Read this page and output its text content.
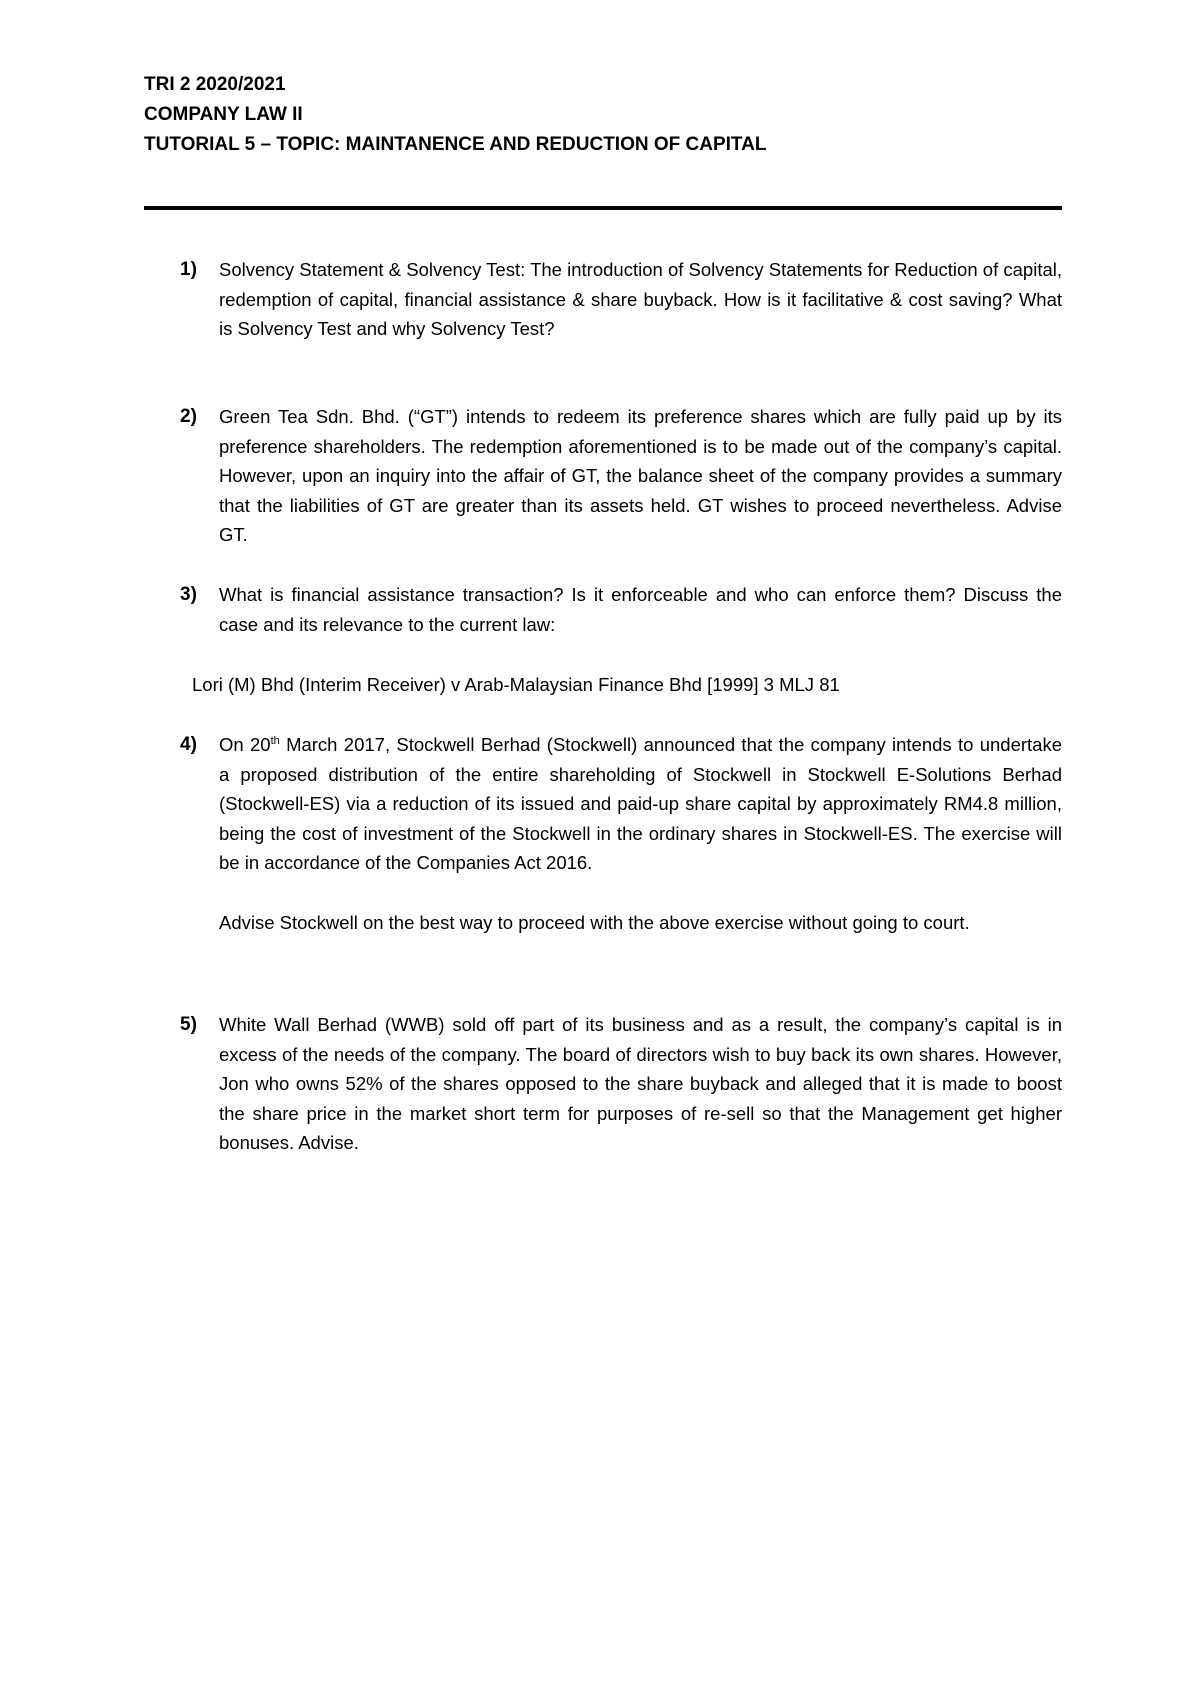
TRI 2 2020/2021
COMPANY LAW II
TUTORIAL 5 – TOPIC: MAINTANENCE AND REDUCTION OF CAPITAL
1) Solvency Statement & Solvency Test: The introduction of Solvency Statements for Reduction of capital, redemption of capital, financial assistance & share buyback. How is it facilitative & cost saving? What is Solvency Test and why Solvency Test?

2) Green Tea Sdn. Bhd. (“GT”) intends to redeem its preference shares which are fully paid up by its preference shareholders. The redemption aforementioned is to be made out of the company’s capital. However, upon an inquiry into the affair of GT, the balance sheet of the company provides a summary that the liabilities of GT are greater than its assets held. GT wishes to proceed nevertheless. Advise GT.

3) What is financial assistance transaction? Is it enforceable and who can enforce them? Discuss the case and its relevance to the current law:

Lori (M) Bhd (Interim Receiver) v Arab-Malaysian Finance Bhd [1999] 3 MLJ 81
4) On 20th March 2017, Stockwell Berhad (Stockwell) announced that the company intends to undertake a proposed distribution of the entire shareholding of Stockwell in Stockwell E-Solutions Berhad (Stockwell-ES) via a reduction of its issued and paid-up share capital by approximately RM4.8 million, being the cost of investment of the Stockwell in the ordinary shares in Stockwell-ES. The exercise will be in accordance of the Companies Act 2016.

Advise Stockwell on the best way to proceed with the above exercise without going to court.

5) White Wall Berhad (WWB) sold off part of its business and as a result, the company’s capital is in excess of the needs of the company. The board of directors wish to buy back its own shares. However, Jon who owns 52% of the shares opposed to the share buyback and alleged that it is made to boost the share price in the market short term for purposes of re-sell so that the Management get higher bonuses. Advise.
